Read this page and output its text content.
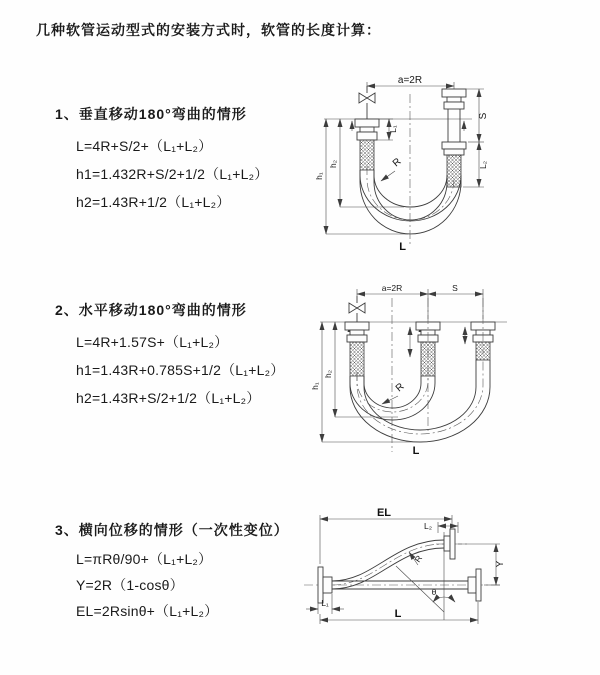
几种软管运动型式的安装方式时，软管的长度计算：
1、垂直移动180°弯曲的情形
L=4R+S/2+（L₁+L₂）
h1=1.432R+S/2+1/2（L₁+L₂）
h2=1.43R+1/2（L₁+L₂）
2、水平移动180°弯曲的情形
L=4R+1.57S+（L₁+L₂）
h1=1.43R+0.785S+1/2（L₁+L₂）
h2=1.43R+S/2+1/2（L₁+L₂）
3、横向位移的情形（一次性变位）
L=πRθ/90+（L₁+L₂）
Y=2R（1-cosθ）
EL=2Rsinθ+（L₁+L₂）
a=2R
S
L₂
L₁
h₁
h₂	R
L
a=2R	S
h₁
h₂
R
L
EL
L₂
Y
θ
R
L₁
L
